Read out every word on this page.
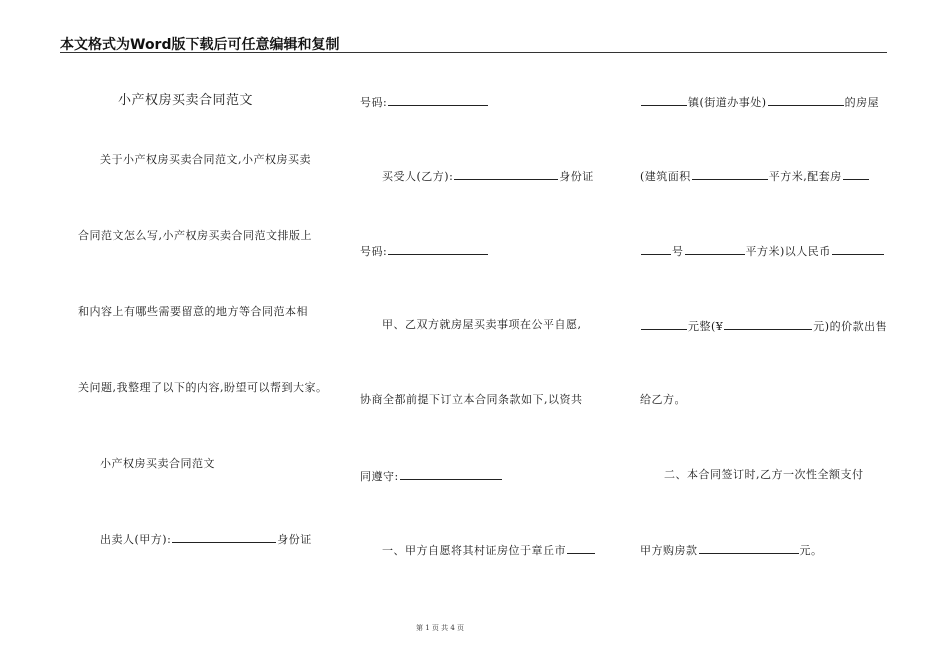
本文格式为Word版下载后可任意编辑和复制
小产权房买卖合同范文
关于小产权房买卖合同范文,小产权房买卖
合同范文怎么写,小产权房买卖合同范文排版上
和内容上有哪些需要留意的地方等合同范本相
关问题,我整理了以下的内容,盼望可以帮到大家。
小产权房买卖合同范文
出卖人(甲方):	身份证
号码:
买受人(乙方):	身份证
号码:
甲、乙双方就房屋买卖事项在公平自愿,
协商全都前提下订立本合同条款如下,以资共
同遵守:
一、甲方自愿将其村证房位于章丘市
镇(街道办事处)	的房屋
(建筑面积	平方米,配套房
号	平方米)以人民币
元整(¥	元)的价款出售
给乙方。
二、本合同签订时,乙方一次性全额支付
甲方购房款	元。
第 1 页 共 4 页
